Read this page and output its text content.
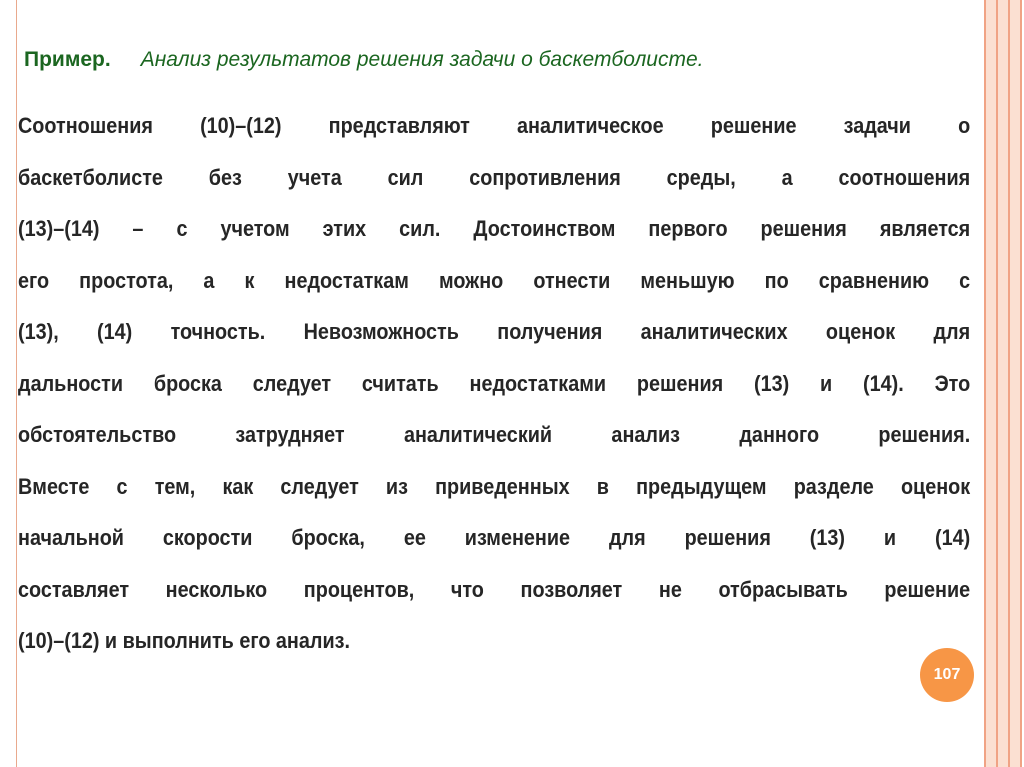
Пример. Анализ результатов решения задачи о баскетболисте.
Соотношения (10)–(12) представляют аналитическое решение задачи о
баскетболисте без учета сил сопротивления среды, а соотношения
(13)–(14) – с учетом этих сил. Достоинством первого решения является
его простота, а к недостаткам можно отнести меньшую по сравнению с
(13), (14) точность. Невозможность получения аналитических оценок для
дальности броска следует считать недостатками решения (13) и (14). Это
обстоятельство затрудняет аналитический анализ данного решения.
Вместе с тем, как следует из приведенных в предыдущем разделе оценок
начальной скорости броска, ее изменение для решения (13) и (14)
составляет несколько процентов, что позволяет не отбрасывать решение
(10)–(12) и выполнить его анализ.
107
